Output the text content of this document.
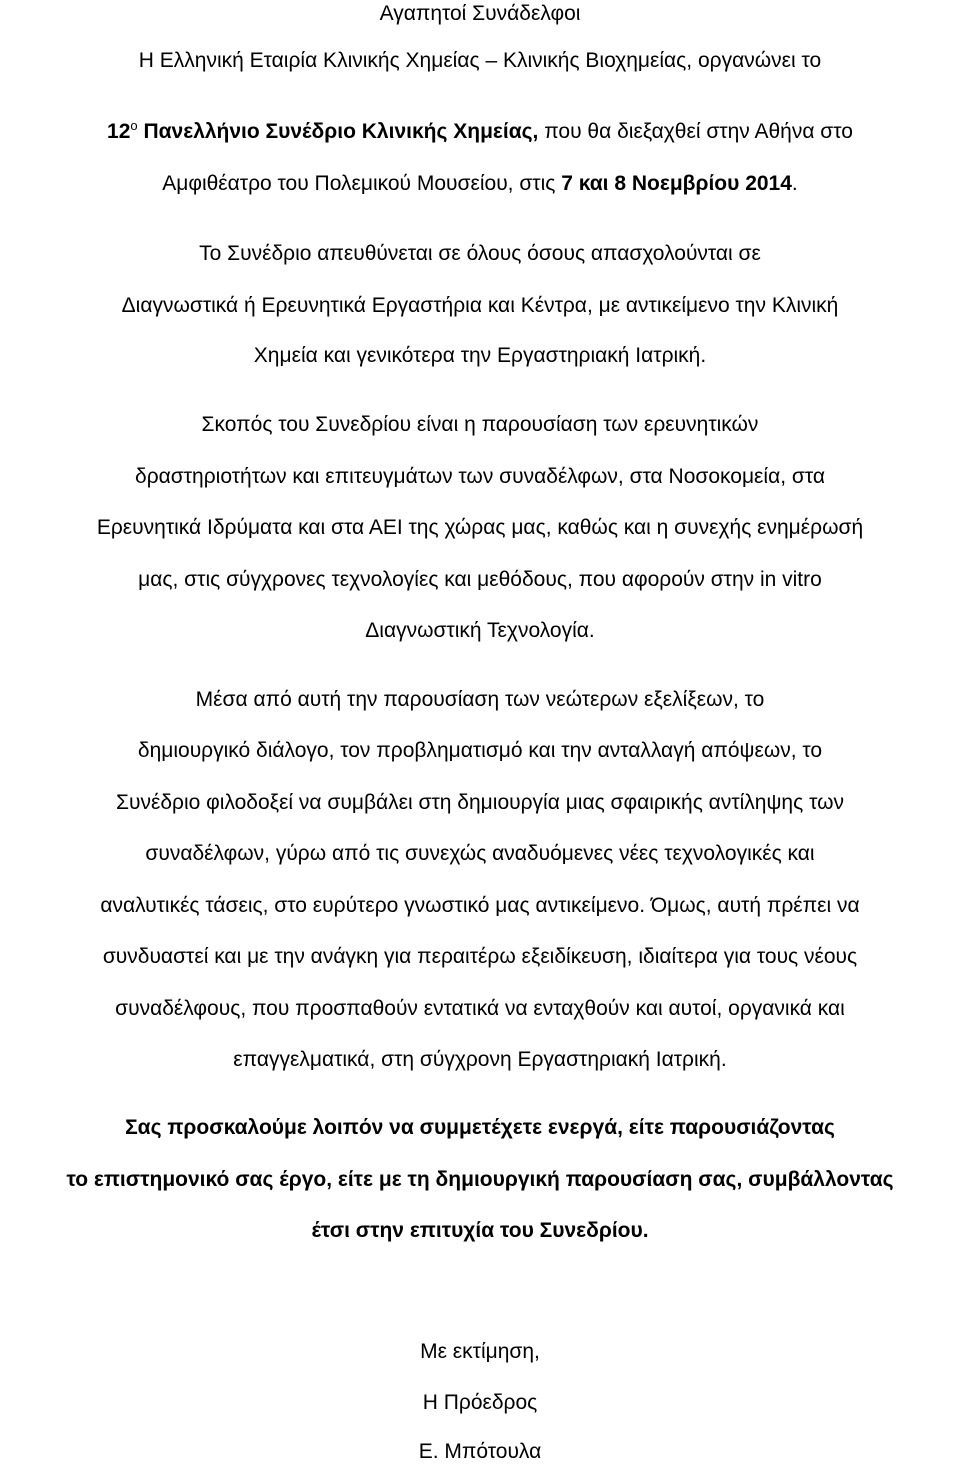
Αγαπητοί Συνάδελφοι
Η Ελληνική Εταιρία Κλινικής Χημείας – Κλινικής Βιοχημείας, οργανώνει το
$12^o$ Πανελλήνιο Συνέδριο Κλινικής Χημείας, που θα διεξαχθεί στην Αθήνα στο
Αμφιθέατρο του Πολεμικού Μουσείου, στις 7 και 8 Νοεμβρίου 2014.
Το Συνέδριο απευθύνεται σε όλους όσους απασχολούνται σε
Διαγνωστικά ή Ερευνητικά Εργαστήρια και Κέντρα, με αντικείμενο την Κλινική
Χημεία και γενικότερα την Εργαστηριακή Ιατρική.
Σκοπός του Συνεδρίου είναι η παρουσίαση των ερευνητικών
δραστηριοτήτων και επιτευγμάτων των συναδέλφων, στα Νοσοκομεία, στα
Ερευνητικά Ιδρύματα και στα ΑΕΙ της χώρας μας, καθώς και η συνεχής ενημέρωσή
μας, στις σύγχρονες τεχνολογίες και μεθόδους, που αφορούν στην in vitro
Διαγνωστική Τεχνολογία.
Μέσα από αυτή την παρουσίαση των νεώτερων εξελίξεων, το
δημιουργικό διάλογο, τον προβληματισμό και την ανταλλαγή απόψεων, το
Συνέδριο φιλοδοξεί να συμβάλει στη δημιουργία μιας σφαιρικής αντίληψης των
συναδέλφων, γύρω από τις συνεχώς αναδυόμενες νέες τεχνολογικές και
αναλυτικές τάσεις, στο ευρύτερο γνωστικό μας αντικείμενο. Όμως, αυτή πρέπει να
συνδυαστεί και με την ανάγκη για περαιτέρω εξειδίκευση, ιδιαίτερα για τους νέους
συναδέλφους, που προσπαθούν εντατικά να ενταχθούν και αυτοί, οργανικά και
επαγγελματικά, στη σύγχρονη Εργαστηριακή Ιατρική.
Σας προσκαλούμε λοιπόν να συμμετέχετε ενεργά, είτε παρουσιάζοντας
το επιστημονικό σας έργο, είτε με τη δημιουργική παρουσίαση σας, συμβάλλοντας
έτσι στην επιτυχία του Συνεδρίου.
Με εκτίμηση,
Η Πρόεδρος
Ε. Μπότουλα
